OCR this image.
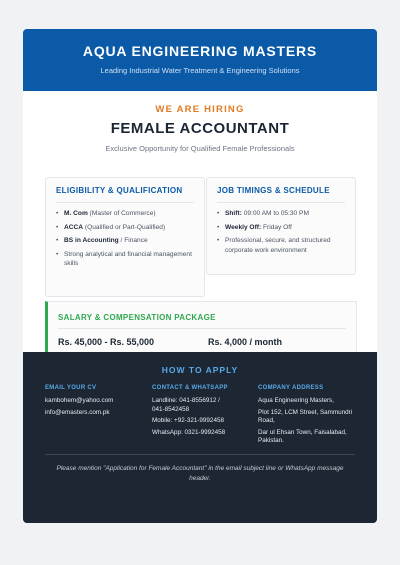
AQUA ENGINEERING MASTERS
Leading Industrial Water Treatment & Engineering Solutions
WE ARE HIRING
FEMALE ACCOUNTANT
Exclusive Opportunity for Qualified Female Professionals
ELIGIBILITY & QUALIFICATION
• M. Com (Master of Commerce)
• ACCA (Qualified or Part-Qualified)
• BS in Accounting / Finance
• Strong analytical and financial management skills
JOB TIMINGS & SCHEDULE
• Shift: 09:00 AM to 05:30 PM
• Weekly Off: Friday Off
• Professional, secure, and structured corporate work environment
SALARY & COMPENSATION PACKAGE
Rs. 45,000 - Rs. 55,000	Rs. 4,000 / month
HOW TO APPLY
EMAIL YOUR CV
kambohem@yahoo.com
info@emasters.com.pk
CONTACT & WHATSAPP
Landline: 041-8556912 / 041-8542458
Mobile: +92-321-9992458
WhatsApp: 0321-9992458
COMPANY ADDRESS
Aqua Engineering Masters,
Plot 152, LCM Street, Sammundri Road,
Dar ul Ehsan Town, Faisalabad, Pakistan.
Please mention "Application for Female Accountant" in the email subject line or WhatsApp message header.
